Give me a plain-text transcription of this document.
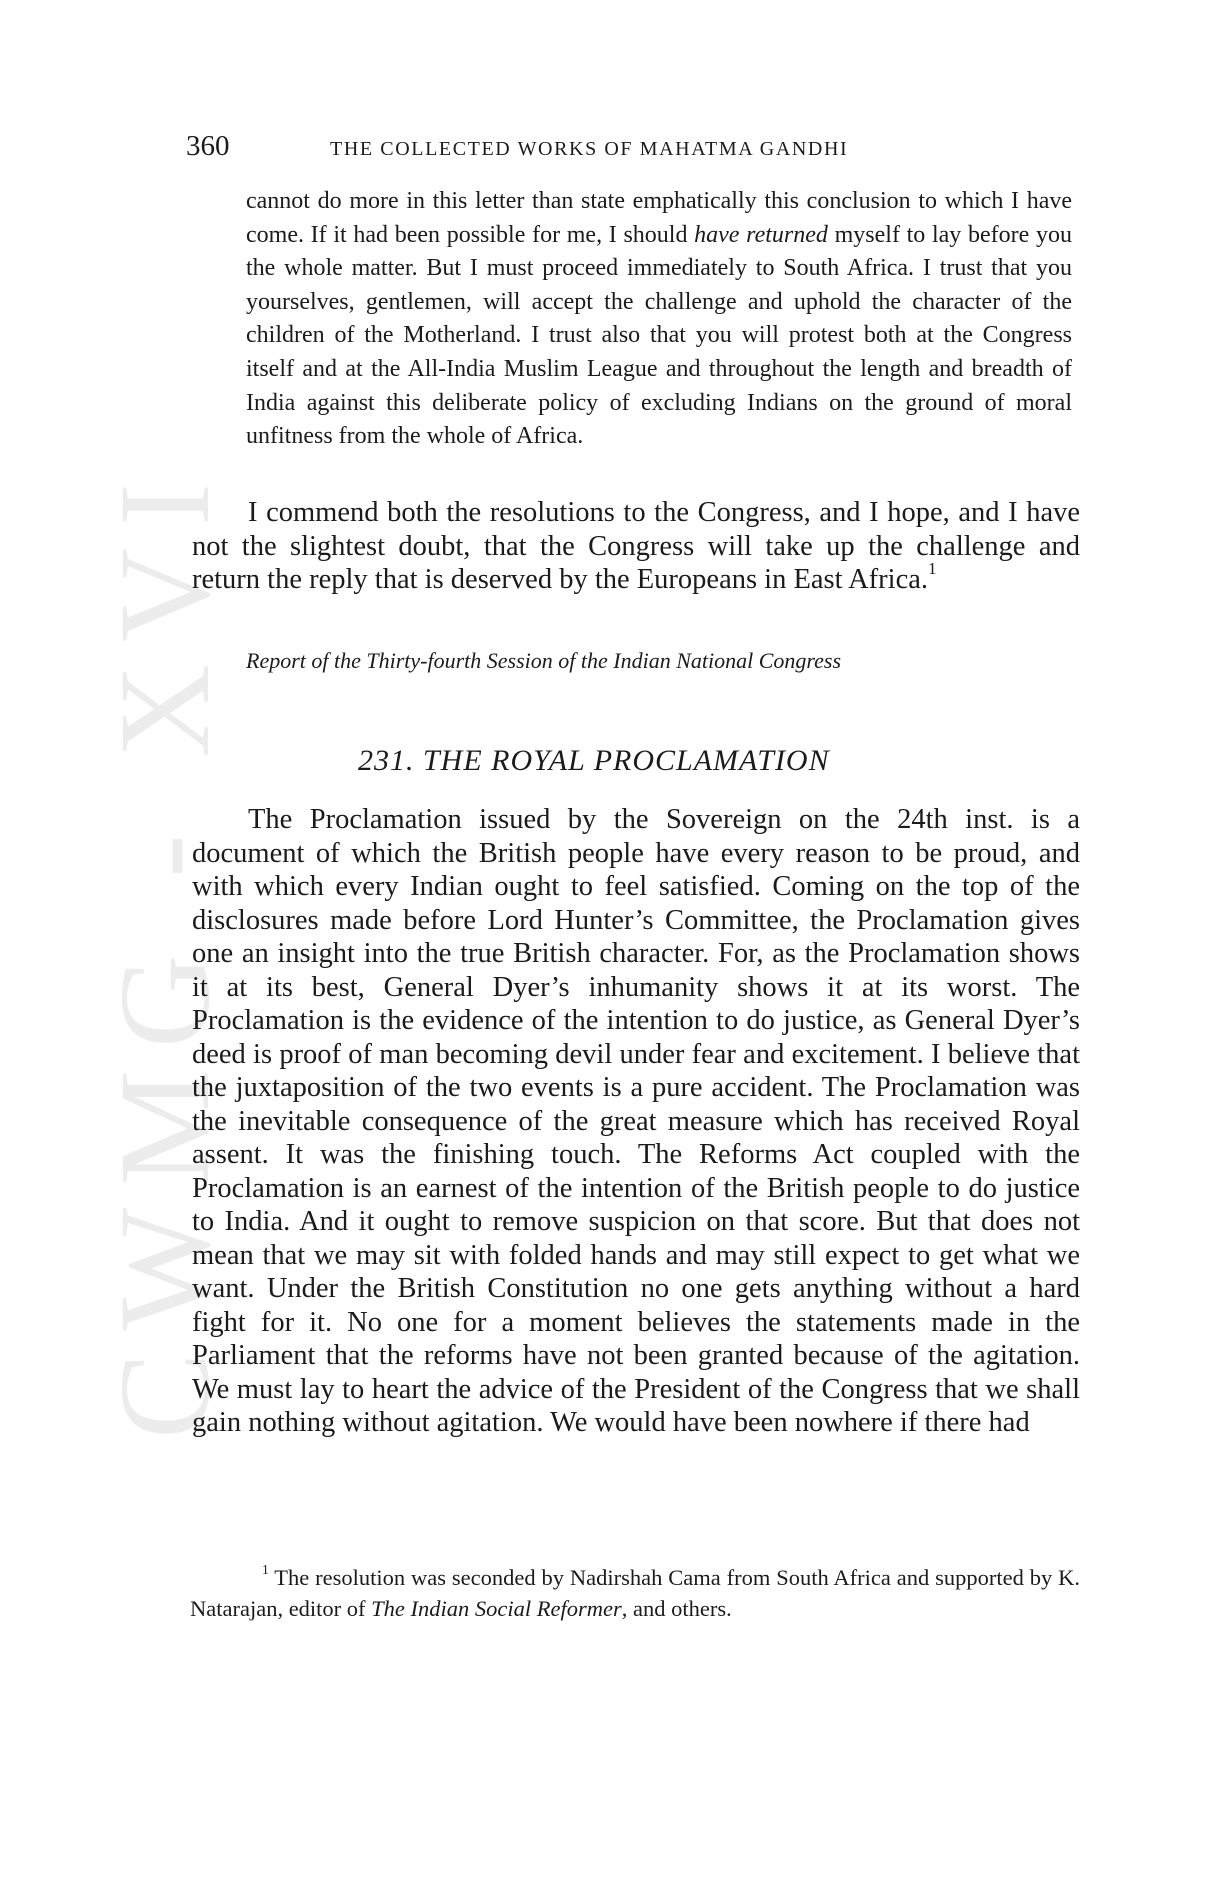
CWMG - XVI
360	THE COLLECTED WORKS OF MAHATMA GANDHI
cannot do more in this letter than state emphatically this conclusion to which I have come. If it had been possible for me, I should have returned myself to lay before you the whole matter. But I must proceed immediately to South Africa. I trust that you yourselves, gentlemen, will accept the challenge and uphold the character of the children of the Motherland. I trust also that you will protest both at the Congress itself and at the All-India Muslim League and throughout the length and breadth of India against this deliberate policy of excluding Indians on the ground of moral unfitness from the whole of Africa.
I commend both the resolutions to the Congress, and I hope, and I have not the slightest doubt, that the Congress will take up the challenge and return the reply that is deserved by the Europeans in East Africa.$^1$
Report of the Thirty-fourth Session of the Indian National Congress
231. THE ROYAL PROCLAMATION
The Proclamation issued by the Sovereign on the 24th inst. is a document of which the British people have every reason to be proud, and with which every Indian ought to feel satisfied. Coming on the top of the disclosures made before Lord Hunter’s Committee, the Proclamation gives one an insight into the true British character. For, as the Proclamation shows it at its best, General Dyer’s inhumanity shows it at its worst. The Proclamation is the evidence of the intention to do justice, as General Dyer’s deed is proof of man becoming devil under fear and excitement. I believe that the juxtaposition of the two events is a pure accident. The Proclamation was the inevitable consequence of the great measure which has received Royal assent. It was the finishing touch. The Reforms Act coupled with the Proclamation is an earnest of the intention of the British people to do justice to India. And it ought to remove suspicion on that score. But that does not mean that we may sit with folded hands and may still expect to get what we want. Under the British Constitution no one gets anything without a hard fight for it. No one for a moment believes the statements made in the Parliament that the reforms have not been granted because of the agitation. We must lay to heart the advice of the President of the Congress that we shall gain nothing without agitation. We would have been nowhere if there had
$^1$ The resolution was seconded by Nadirshah Cama from South Africa and supported by K. Natarajan, editor of The Indian Social Reformer, and others.
